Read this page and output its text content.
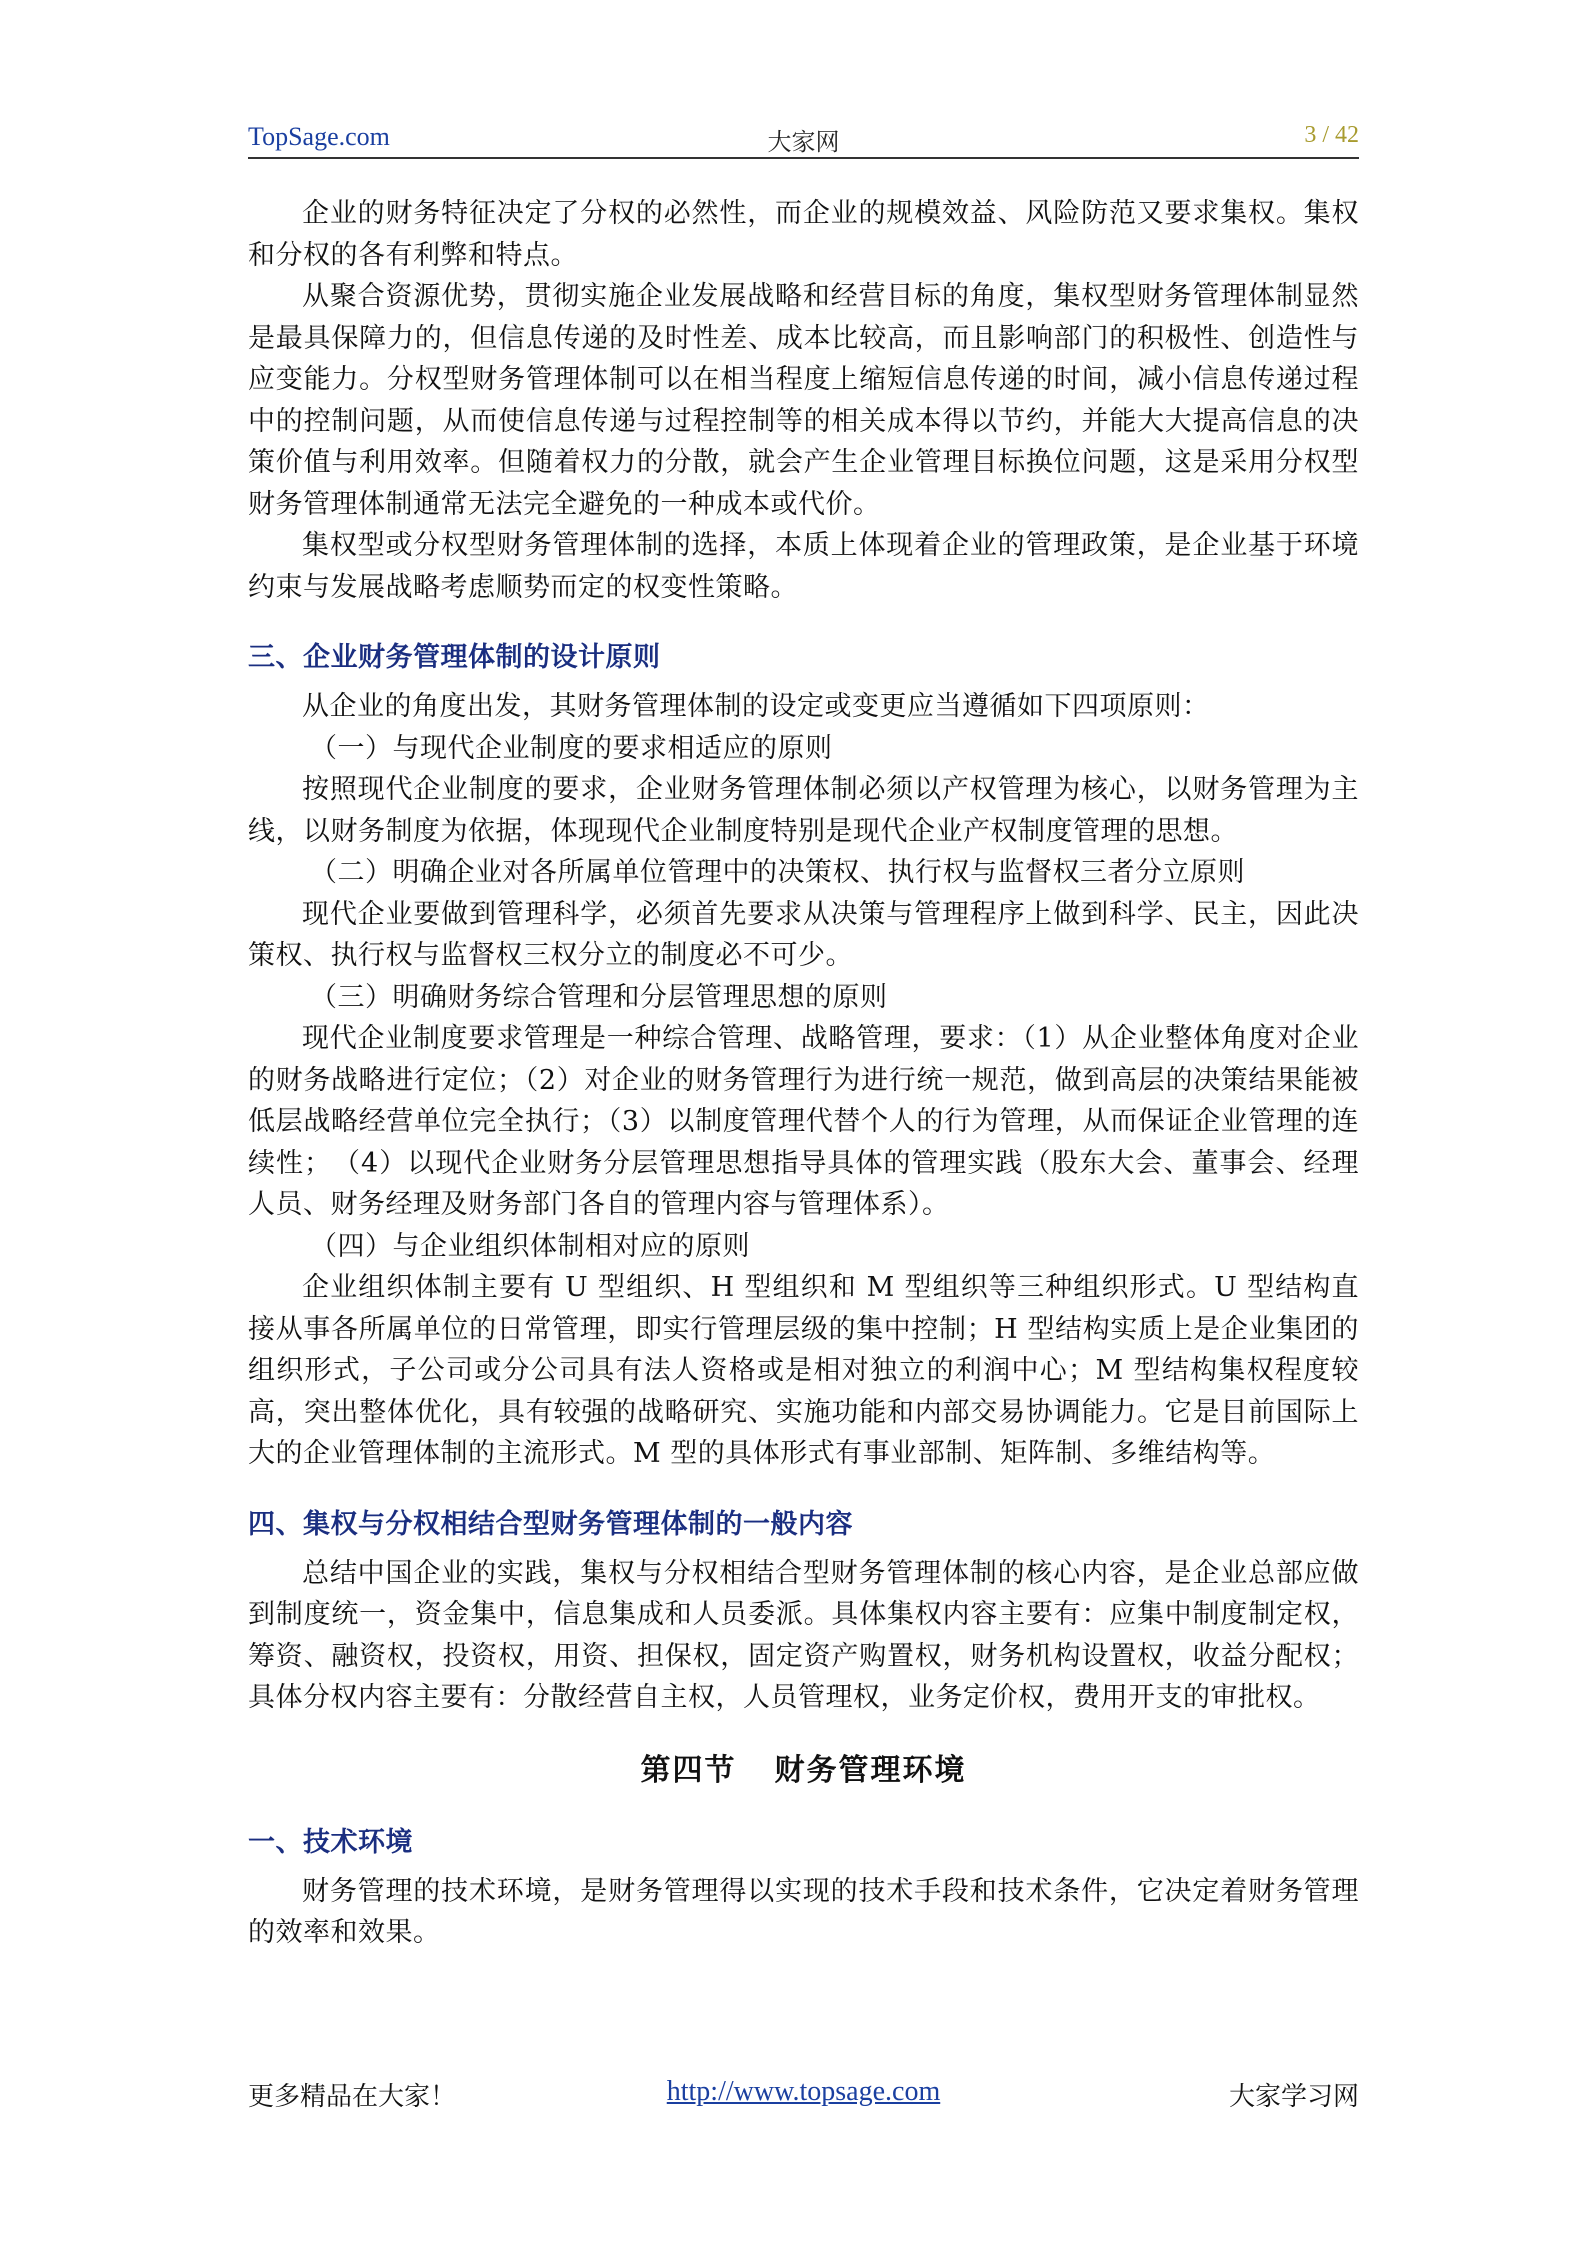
TopSage.com	大家网	3 / 42

企业的财务特征决定了分权的必然性，而企业的规模效益、风险防范又要求集权。集权和分权的各有利弊和特点。

从聚合资源优势，贯彻实施企业发展战略和经营目标的角度，集权型财务管理体制显然是最具保障力的，但信息传递的及时性差、成本比较高，而且影响部门的积极性、创造性与应变能力。分权型财务管理体制可以在相当程度上缩短信息传递的时间，减小信息传递过程中的控制问题，从而使信息传递与过程控制等的相关成本得以节约，并能大大提高信息的决策价值与利用效率。但随着权力的分散，就会产生企业管理目标换位问题，这是采用分权型财务管理体制通常无法完全避免的一种成本或代价。

集权型或分权型财务管理体制的选择，本质上体现着企业的管理政策，是企业基于环境约束与发展战略考虑顺势而定的权变性策略。

三、企业财务管理体制的设计原则

从企业的角度出发，其财务管理体制的设定或变更应当遵循如下四项原则：

（一）与现代企业制度的要求相适应的原则

按照现代企业制度的要求，企业财务管理体制必须以产权管理为核心，以财务管理为主线，以财务制度为依据，体现现代企业制度特别是现代企业产权制度管理的思想。

（二）明确企业对各所属单位管理中的决策权、执行权与监督权三者分立原则

现代企业要做到管理科学，必须首先要求从决策与管理程序上做到科学、民主，因此决策权、执行权与监督权三权分立的制度必不可少。

（三）明确财务综合管理和分层管理思想的原则

现代企业制度要求管理是一种综合管理、战略管理，要求：（1）从企业整体角度对企业的财务战略进行定位；（2）对企业的财务管理行为进行统一规范，做到高层的决策结果能被低层战略经营单位完全执行；（3）以制度管理代替个人的行为管理，从而保证企业管理的连续性；　（4）以现代企业财务分层管理思想指导具体的管理实践（股东大会、董事会、经理人员、财务经理及财务部门各自的管理内容与管理体系）。

（四）与企业组织体制相对应的原则

企业组织体制主要有 U 型组织、H 型组织和 M 型组织等三种组织形式。U 型结构直接从事各所属单位的日常管理，即实行管理层级的集中控制；H 型结构实质上是企业集团的组织形式，子公司或分公司具有法人资格或是相对独立的利润中心；M 型结构集权程度较高，突出整体优化，具有较强的战略研究、实施功能和内部交易协调能力。它是目前国际上大的企业管理体制的主流形式。M 型的具体形式有事业部制、矩阵制、多维结构等。

四、集权与分权相结合型财务管理体制的一般内容

总结中国企业的实践，集权与分权相结合型财务管理体制的核心内容，是企业总部应做到制度统一，资金集中，信息集成和人员委派。具体集权内容主要有：应集中制度制定权，筹资、融资权，投资权，用资、担保权，固定资产购置权，财务机构设置权，收益分配权；具体分权内容主要有：分散经营自主权，人员管理权，业务定价权，费用开支的审批权。

第四节 财务管理环境
一、技术环境

财务管理的技术环境，是财务管理得以实现的技术手段和技术条件，它决定着财务管理的效率和效果。

更多精品在大家！	http://www.topsage.com	大家学习网
